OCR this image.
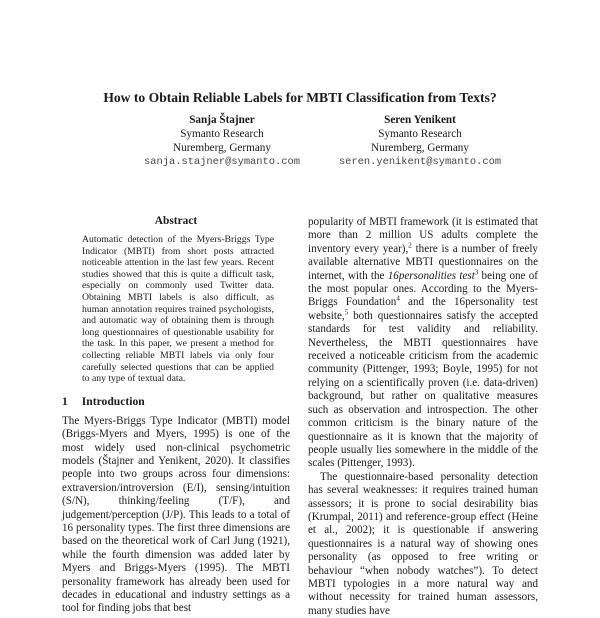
How to Obtain Reliable Labels for MBTI Classification from Texts?
Sanja Štajner
Symanto Research
Nuremberg, Germany
sanja.stajner@symanto.com
Seren Yenikent
Symanto Research
Nuremberg, Germany
seren.yenikent@symanto.com
Abstract
Automatic detection of the Myers-Briggs Type Indicator (MBTI) from short posts attracted noticeable attention in the last few years. Recent studies showed that this is quite a difficult task, especially on commonly used Twitter data. Obtaining MBTI labels is also difficult, as human annotation requires trained psychologists, and automatic way of obtaining them is through long questionnaires of questionable usability for the task. In this paper, we present a method for collecting reliable MBTI labels via only four carefully selected questions that can be applied to any type of textual data.
1 Introduction

The Myers-Briggs Type Indicator (MBTI) model (Briggs-Myers and Myers, 1995) is one of the most widely used non-clinical psychometric models (Štajner and Yenikent, 2020). It classifies people into two groups across four dimensions: extraversion/introversion (E/I), sensing/intuition (S/N), thinking/feeling (T/F), and judgement/perception (J/P). This leads to a total of 16 personality types. The first three dimensions are based on the theoretical work of Carl Jung (1921), while the fourth dimension was added later by Myers and Briggs-Myers (1995). The MBTI personality framework has already been used for decades in educational and industry settings as a tool for finding jobs that best

popularity of MBTI framework (it is estimated that more than 2 million US adults complete the inventory every year),$^2$ there is a number of freely available alternative MBTI questionnaires on the internet, with the 16personalities test$^3$ being one of the most popular ones. According to the Myers-Briggs Foundation$^4$ and the 16personality test website,$^5$ both questionnaires satisfy the accepted standards for test validity and reliability. Nevertheless, the MBTI questionnaires have received a noticeable criticism from the academic community (Pittenger, 1993; Boyle, 1995) for not relying on a scientifically proven (i.e. data-driven) background, but rather on qualitative measures such as observation and introspection. The other common criticism is the binary nature of the questionnaire as it is known that the majority of people usually lies somewhere in the middle of the scales (Pittenger, 1993).

The questionnaire-based personality detection has several weaknesses: it requires trained human assessors; it is prone to social desirability bias (Krumpal, 2011) and reference-group effect (Heine et al., 2002); it is questionable if answering questionnaires is a natural way of showing ones personality (as opposed to free writing or behaviour “when nobody watches”). To detect MBTI typologies in a more natural way and without necessity for trained human assessors, many studies have
